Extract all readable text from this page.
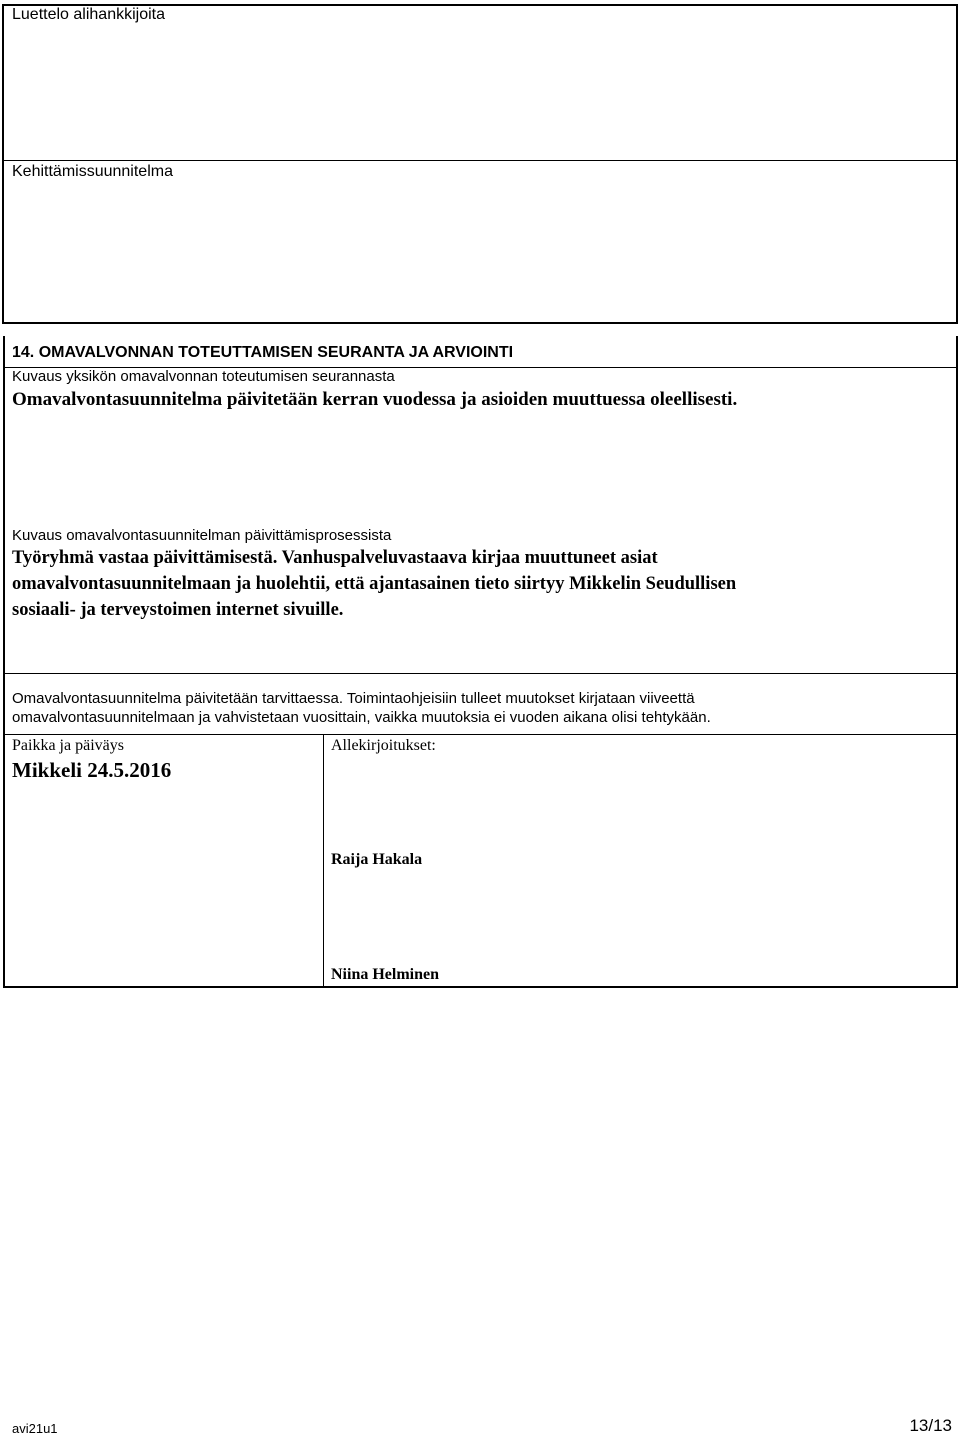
Luettelo alihankkijoita
Kehittämissuunnitelma
14. OMAVALVONNAN TOTEUTTAMISEN SEURANTA JA ARVIOINTI
Kuvaus yksikön omavalvonnan toteutumisen seurannasta
Omavalvontasuunnitelma päivitetään kerran vuodessa ja asioiden muuttuessa oleellisesti.
Kuvaus omavalvontasuunnitelman päivittämisprosessista
Työryhmä vastaa päivittämisestä. Vanhuspalveluvastaava kirjaa muuttuneet asiat
omavalvontasuunnitelmaan ja huolehtii, että ajantasainen tieto siirtyy Mikkelin Seudullisen
sosiaali- ja terveystoimen internet sivuille.
Omavalvontasuunnitelma päivitetään tarvittaessa. Toimintaohjeisiin tulleet muutokset kirjataan viiveettä
omavalvontasuunnitelmaan ja vahvistetaan vuosittain, vaikka muutoksia ei vuoden aikana olisi tehtykään.
Paikka ja päiväys
Mikkeli 24.5.2016
Allekirjoitukset:
Raija Hakala
Niina Helminen
avi21u1	13/13
